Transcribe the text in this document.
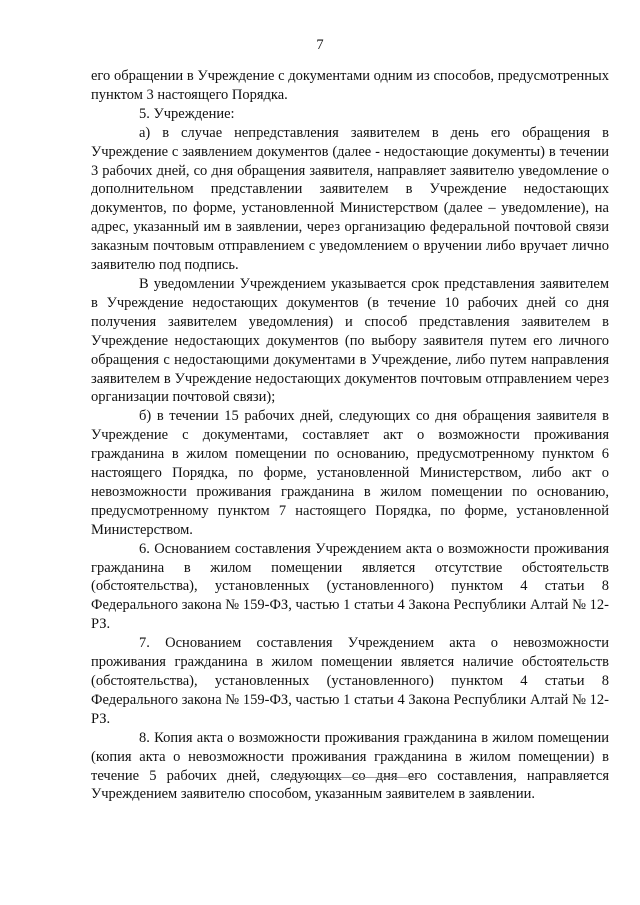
7

его обращении в Учреждение с документами одним из способов, предусмотренных пунктом 3 настоящего Порядка.

5. Учреждение:

а) в случае непредставления заявителем в день его обращения в Учреждение с заявлением документов (далее - недостающие документы) в течении 3 рабочих дней, со дня обращения заявителя, направляет заявителю уведомление о дополнительном представлении заявителем в Учреждение недостающих документов, по форме, установленной Министерством (далее – уведомление), на адрес, указанный им в заявлении, через организацию федеральной почтовой связи заказным почтовым отправлением с уведомлением о вручении либо вручает лично заявителю под подпись.

В уведомлении Учреждением указывается срок представления заявителем в Учреждение недостающих документов (в течение 10 рабочих дней со дня получения заявителем уведомления) и способ представления заявителем в Учреждение недостающих документов (по выбору заявителя путем его личного обращения с недостающими документами в Учреждение, либо путем направления заявителем в Учреждение недостающих документов почтовым отправлением через организации почтовой связи);

б) в течении 15 рабочих дней, следующих со дня обращения заявителя в Учреждение с документами, составляет акт о возможности проживания гражданина в жилом помещении по основанию, предусмотренному пунктом 6 настоящего Порядка, по форме, установленной Министерством, либо акт о невозможности проживания гражданина в жилом помещении по основанию, предусмотренному пунктом 7 настоящего Порядка, по форме, установленной Министерством.

6. Основанием составления Учреждением акта о возможности проживания гражданина в жилом помещении является отсутствие обстоятельств (обстоятельства), установленных (установленного) пунктом 4 статьи 8 Федерального закона № 159-ФЗ, частью 1 статьи 4 Закона Республики Алтай № 12-РЗ.

7. Основанием составления Учреждением акта о невозможности проживания гражданина в жилом помещении является наличие обстоятельств (обстоятельства), установленных (установленного) пунктом 4 статьи 8 Федерального закона № 159-ФЗ, частью 1 статьи 4 Закона Республики Алтай № 12-РЗ.

8. Копия акта о возможности проживания гражданина в жилом помещении (копия акта о невозможности проживания гражданина в жилом помещении) в течение 5 рабочих дней, следующих со дня его составления, направляется Учреждением заявителю способом, указанным заявителем в заявлении.
